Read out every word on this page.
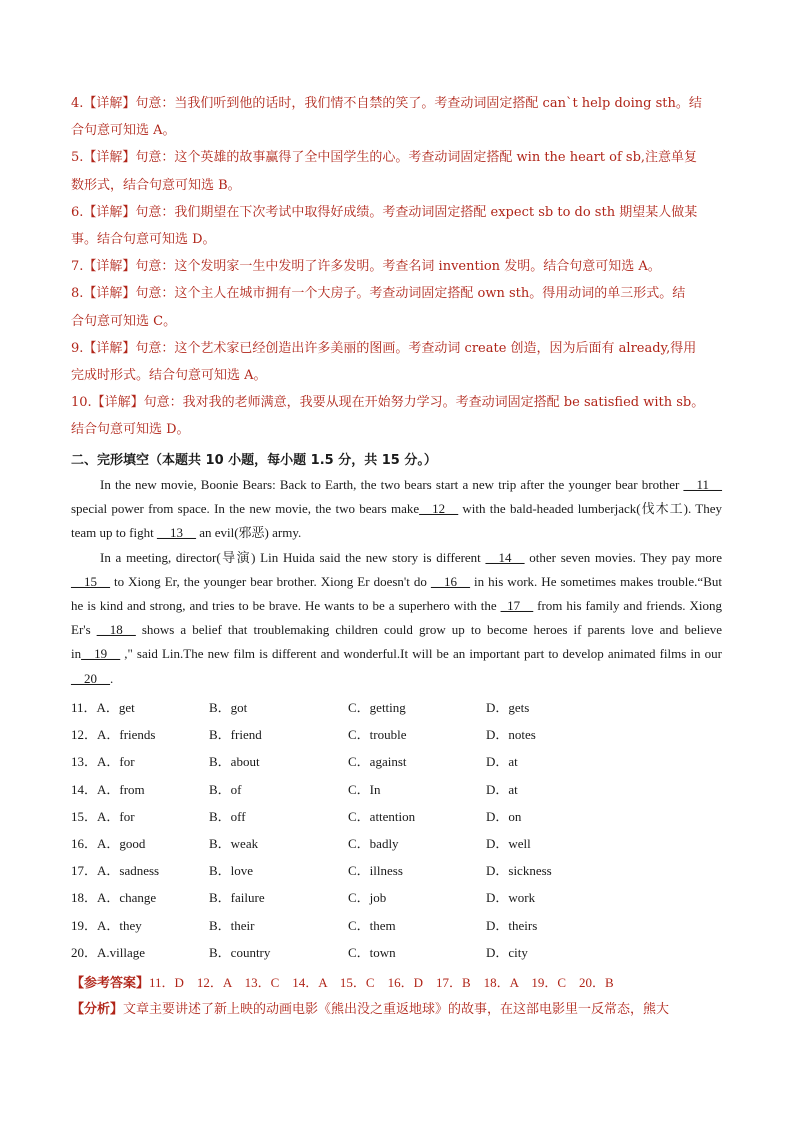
4.【详解】句意：当我们听到他的话时，我们情不自禁的笑了。考查动词固定搭配 can`t help doing sth。结

合句意可知选 A。

5.【详解】句意：这个英雄的故事赢得了全中国学生的心。考查动词固定搭配 win the heart of sb,注意单复

数形式，结合句意可知选 B。

6.【详解】句意：我们期望在下次考试中取得好成绩。考查动词固定搭配 expect sb to do sth 期望某人做某

事。结合句意可知选 D。

7.【详解】句意：这个发明家一生中发明了许多发明。考查名词 invention 发明。结合句意可知选 A。

8.【详解】句意：这个主人在城市拥有一个大房子。考查动词固定搭配 own sth。得用动词的单三形式。结

合句意可知选 C。

9.【详解】句意：这个艺术家已经创造出许多美丽的图画。考查动词 create 创造，因为后面有 already,得用

完成时形式。结合句意可知选 A。

10.【详解】句意：我对我的老师满意，我要从现在开始努力学习。考查动词固定搭配 be satisfied with sb。

结合句意可知选 D。

二、完形填空（本题共 10 小题，每小题 1.5 分，共 15 分。）

In the new movie, Boonie Bears: Back to Earth, the two bears start a new trip after the younger bear brother __11__ special power from space. In the new movie, the two bears make__12__ with the bald-headed lumberjack(伐木工). They team up to fight __13__ an evil(邪恶) army.

In a meeting, director(导演) Lin Huida said the new story is different __14__ other seven movies. They pay more __15__ to Xiong Er, the younger bear brother. Xiong Er doesn't do __16__ in his work. He sometimes makes trouble.“But he is kind and strong, and tries to be brave. He wants to be a superhero with the _17__ from his family and friends. Xiong Er's __18__ shows a belief that troublemaking children could grow up to become heroes if parents love and believe in__19__ ," said Lin.The new film is different and wonderful.It will be an important part to develop animated films in our __20__.

11．A．get	B．got	C．getting	D．gets
12．A．friends	B．friend	C．trouble	D．notes
13．A．for	B．about	C．against	D．at
14．A．from	B．of	C．In	D．at
15．A．for	B．off	C．attention	D．on
16．A．good	B．weak	C．badly	D．well
17．A．sadness	B．love	C．illness	D．sickness
18．A．change	B．failure	C．job	D．work
19．A．they	B．their	C．them	D．theirs
20．A.village	B．country	C．town	D．city

【参考答案】11．D　12．A　13．C　14．A　15．C　16．D　17．B　18．A　19．C　20．B

【分析】文章主要讲述了新上映的动画电影《熊出没之重返地球》的故事，在这部电影里一反常态，熊大
